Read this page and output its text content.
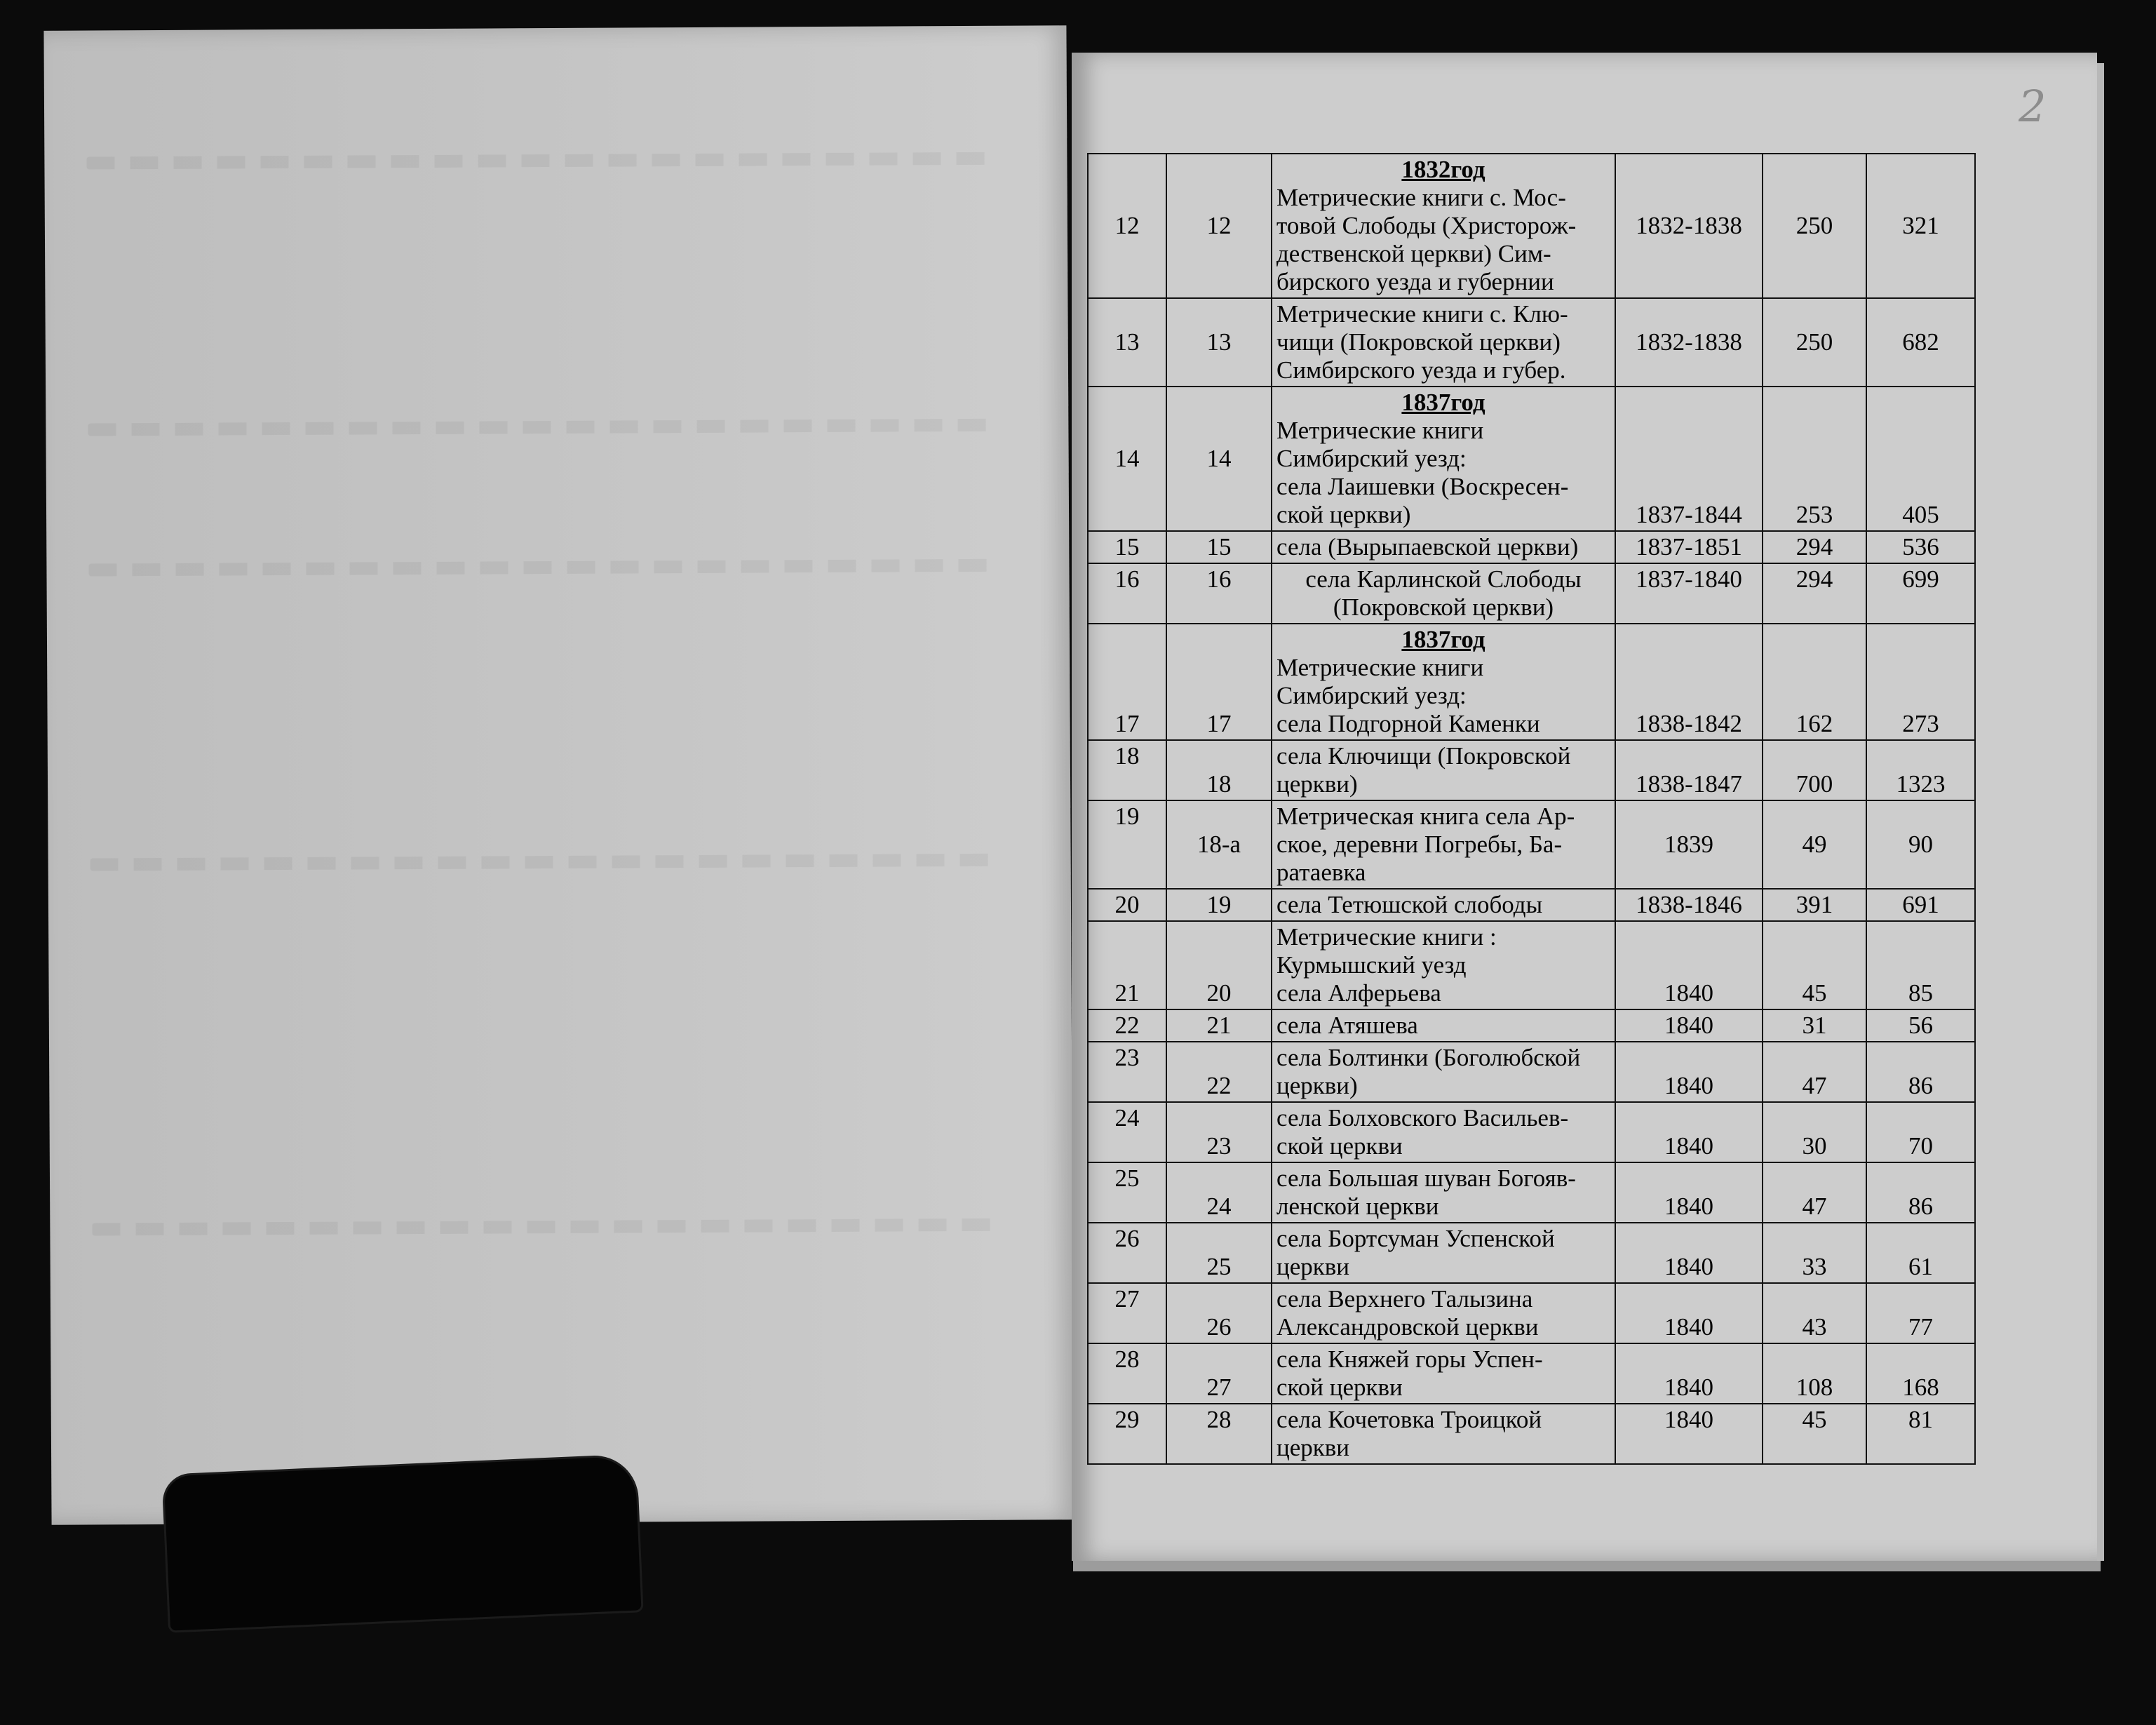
2
12	12	1832год
Метрические книги с. Мос-
товой Слободы (Христорож-
дественской церкви) Сим-
бирского уезда и губернии	1832-1838	250	321
13	13	Метрические книги с. Клю-
чищи (Покровской церкви)
Симбирского уезда и губер.	1832-1838	250	682
14	14	1837год
Метрические книги
Симбирский уезд:
села Лаишевки (Воскресен-
ской церкви)	1837-1844	253	405
15	15	села (Вырыпаевской церкви)	1837-1851	294	536
16	16	села Карлинской Слободы
(Покровской церкви)	1837-1840	294	699
17	17	1837год
Метрические книги
Симбирский уезд:
села Подгорной Каменки	1838-1842	162	273
18	18	села Ключищи (Покровской
церкви)	1838-1847	700	1323
19	18-а	Метрическая книга села Ар-
ское, деревни Погребы, Ба-
ратаевка	1839	49	90
20	19	села Тетюшской слободы	1838-1846	391	691
21	20	Метрические книги :
Курмышский уезд
села Алферьева	1840	45	85
22	21	села Атяшева	1840	31	56
23	22	села Болтинки (Боголюбской
церкви)	1840	47	86
24	23	села Болховского Васильев-
ской церкви	1840	30	70
25	24	села Большая шуван Богояв-
ленской церкви	1840	47	86
26	25	села Бортсуман Успенской
церкви	1840	33	61
27	26	села Верхнего Талызина
Александровской церкви	1840	43	77
28	27	села Княжей горы Успен-
ской церкви	1840	108	168
29	28	села Кочетовка Троицкой
церкви	1840	45	81
